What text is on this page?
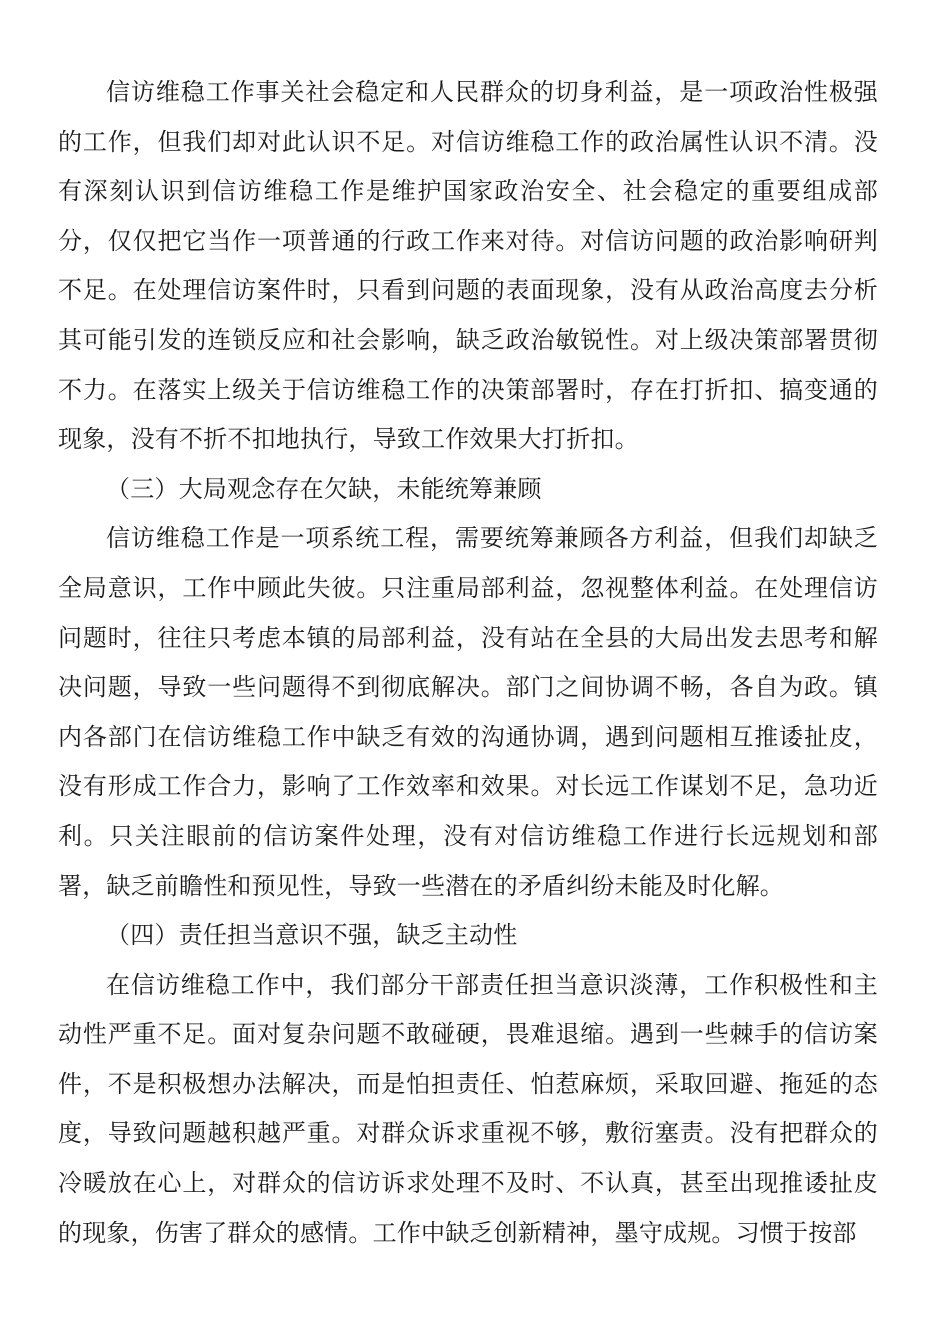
信访维稳工作事关社会稳定和人民群众的切身利益，是一项政治性极强的工作，但我们却对此认识不足。对信访维稳工作的政治属性认识不清。没有深刻认识到信访维稳工作是维护国家政治安全、社会稳定的重要组成部分，仅仅把它当作一项普通的行政工作来对待。对信访问题的政治影响研判不足。在处理信访案件时，只看到问题的表面现象，没有从政治高度去分析其可能引发的连锁反应和社会影响，缺乏政治敏锐性。对上级决策部署贯彻不力。在落实上级关于信访维稳工作的决策部署时，存在打折扣、搞变通的现象，没有不折不扣地执行，导致工作效果大打折扣。

（三）大局观念存在欠缺，未能统筹兼顾

信访维稳工作是一项系统工程，需要统筹兼顾各方利益，但我们却缺乏全局意识，工作中顾此失彼。只注重局部利益，忽视整体利益。在处理信访问题时，往往只考虑本镇的局部利益，没有站在全县的大局出发去思考和解决问题，导致一些问题得不到彻底解决。部门之间协调不畅，各自为政。镇内各部门在信访维稳工作中缺乏有效的沟通协调，遇到问题相互推诿扯皮，没有形成工作合力，影响了工作效率和效果。对长远工作谋划不足，急功近利。只关注眼前的信访案件处理，没有对信访维稳工作进行长远规划和部署，缺乏前瞻性和预见性，导致一些潜在的矛盾纠纷未能及时化解。

（四）责任担当意识不强，缺乏主动性

在信访维稳工作中，我们部分干部责任担当意识淡薄，工作积极性和主动性严重不足。面对复杂问题不敢碰硬，畏难退缩。遇到一些棘手的信访案件，不是积极想办法解决，而是怕担责任、怕惹麻烦，采取回避、拖延的态度，导致问题越积越严重。对群众诉求重视不够，敷衍塞责。没有把群众的冷暖放在心上，对群众的信访诉求处理不及时、不认真，甚至出现推诿扯皮的现象，伤害了群众的感情。工作中缺乏创新精神，墨守成规。习惯于按部
